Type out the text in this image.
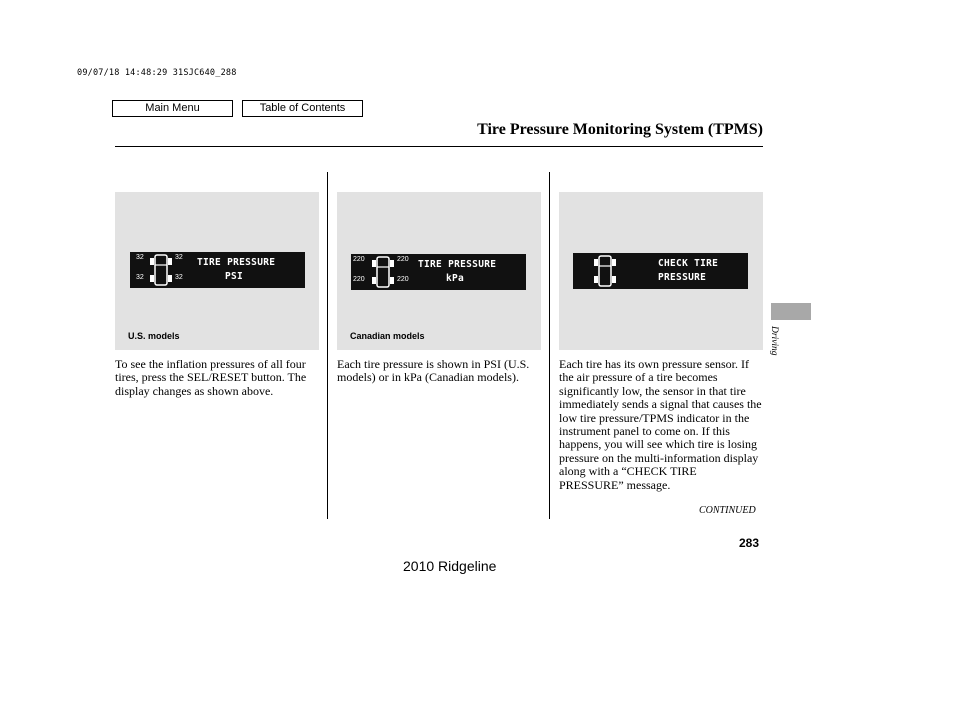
09/07/18 14:48:29 31SJC640_288
Main Menu	Table of Contents
Tire Pressure Monitoring System (TPMS)
32	32
32	32
TIRE PRESSURE
PSI
U.S. models
220	220
220	220
TIRE PRESSURE
kPa
Canadian models
CHECK TIRE
PRESSURE
To see the inflation pressures of all four tires, press the SEL/RESET button. The display changes as shown above.
Each tire pressure is shown in PSI (U.S. models) or in kPa (Canadian models).
Each tire has its own pressure sensor. If the air pressure of a tire becomes significantly low, the sensor in that tire immediately sends a signal that causes the low tire pressure/TPMS indicator in the instrument panel to come on. If this happens, you will see which tire is losing pressure on the multi-information display along with a “CHECK TIRE PRESSURE” message.
CONTINUED
283
2010 Ridgeline
Driving
